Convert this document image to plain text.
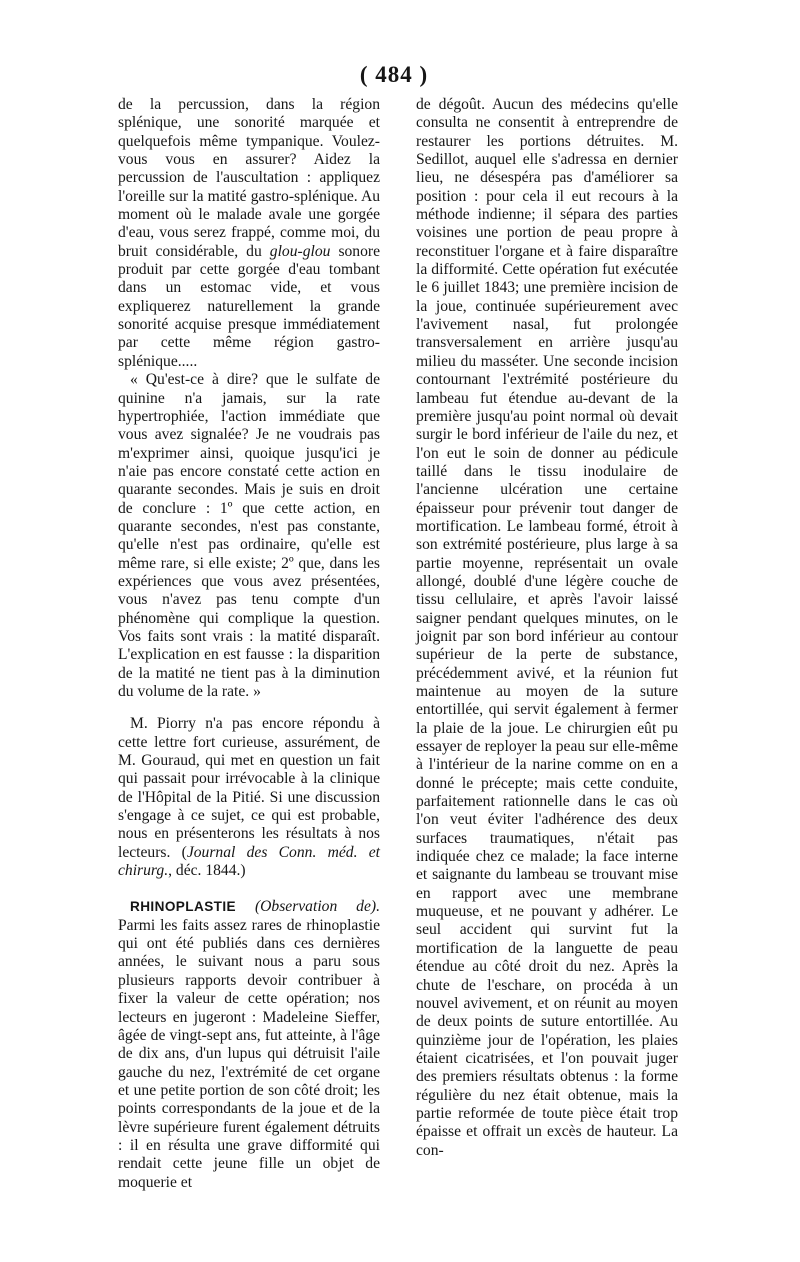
( 484 )

de la percussion, dans la région splénique, une sonorité marquée et quelquefois même tympanique. Voulez-vous vous en assurer? Aidez la percussion de l'auscultation : appliquez l'oreille sur la matité gastro-splénique. Au moment où le malade avale une gorgée d'eau, vous serez frappé, comme moi, du bruit considérable, du glou-glou sonore produit par cette gorgée d'eau tombant dans un estomac vide, et vous expliquerez naturellement la grande sonorité acquise presque immédiatement par cette même région gastro-splénique.....

« Qu'est-ce à dire? que le sulfate de quinine n'a jamais, sur la rate hypertrophiée, l'action immédiate que vous avez signalée? Je ne voudrais pas m'exprimer ainsi, quoique jusqu'ici je n'aie pas encore constaté cette action en quarante secondes. Mais je suis en droit de conclure : 1º que cette action, en quarante secondes, n'est pas constante, qu'elle n'est pas ordinaire, qu'elle est même rare, si elle existe; 2º que, dans les expériences que vous avez présentées, vous n'avez pas tenu compte d'un phénomène qui complique la question. Vos faits sont vrais : la matité disparaît. L'explication en est fausse : la disparition de la matité ne tient pas à la diminution du volume de la rate. »

M. Piorry n'a pas encore répondu à cette lettre fort curieuse, assurément, de M. Gouraud, qui met en question un fait qui passait pour irrévocable à la clinique de l'Hôpital de la Pitié. Si une discussion s'engage à ce sujet, ce qui est probable, nous en présenterons les résultats à nos lecteurs. (Journal des Conn. méd. et chirurg., déc. 1844.)

RHINOPLASTIE (Observation de). Parmi les faits assez rares de rhinoplastie qui ont été publiés dans ces dernières années, le suivant nous a paru sous plusieurs rapports devoir contribuer à fixer la valeur de cette opération; nos lecteurs en jugeront : Madeleine Sieffer, âgée de vingt-sept ans, fut atteinte, à l'âge de dix ans, d'un lupus qui détruisit l'aile gauche du nez, l'extrémité de cet organe et une petite portion de son côté droit; les points correspondants de la joue et de la lèvre supérieure furent également détruits : il en résulta une grave difformité qui rendait cette jeune fille un objet de moquerie et

de dégoût. Aucun des médecins qu'elle consulta ne consentit à entreprendre de restaurer les portions détruites. M. Sedillot, auquel elle s'adressa en dernier lieu, ne désespéra pas d'améliorer sa position : pour cela il eut recours à la méthode indienne; il sépara des parties voisines une portion de peau propre à reconstituer l'organe et à faire disparaître la difformité. Cette opération fut exécutée le 6 juillet 1843; une première incision de la joue, continuée supérieurement avec l'avivement nasal, fut prolongée transversalement en arrière jusqu'au milieu du masséter. Une seconde incision contournant l'extrémité postérieure du lambeau fut étendue au-devant de la première jusqu'au point normal où devait surgir le bord inférieur de l'aile du nez, et l'on eut le soin de donner au pédicule taillé dans le tissu inodulaire de l'ancienne ulcération une certaine épaisseur pour prévenir tout danger de mortification. Le lambeau formé, étroit à son extrémité postérieure, plus large à sa partie moyenne, représentait un ovale allongé, doublé d'une légère couche de tissu cellulaire, et après l'avoir laissé saigner pendant quelques minutes, on le joignit par son bord inférieur au contour supérieur de la perte de substance, précédemment avivé, et la réunion fut maintenue au moyen de la suture entortillée, qui servit également à fermer la plaie de la joue. Le chirurgien eût pu essayer de reployer la peau sur elle-même à l'intérieur de la narine comme on en a donné le précepte; mais cette conduite, parfaitement rationnelle dans le cas où l'on veut éviter l'adhérence des deux surfaces traumatiques, n'était pas indiquée chez ce malade; la face interne et saignante du lambeau se trouvant mise en rapport avec une membrane muqueuse, et ne pouvant y adhérer. Le seul accident qui survint fut la mortification de la languette de peau étendue au côté droit du nez. Après la chute de l'eschare, on procéda à un nouvel avivement, et on réunit au moyen de deux points de suture entortillée. Au quinzième jour de l'opération, les plaies étaient cicatrisées, et l'on pouvait juger des premiers résultats obtenus : la forme régulière du nez était obtenue, mais la partie reformée de toute pièce était trop épaisse et offrait un excès de hauteur. La con-
